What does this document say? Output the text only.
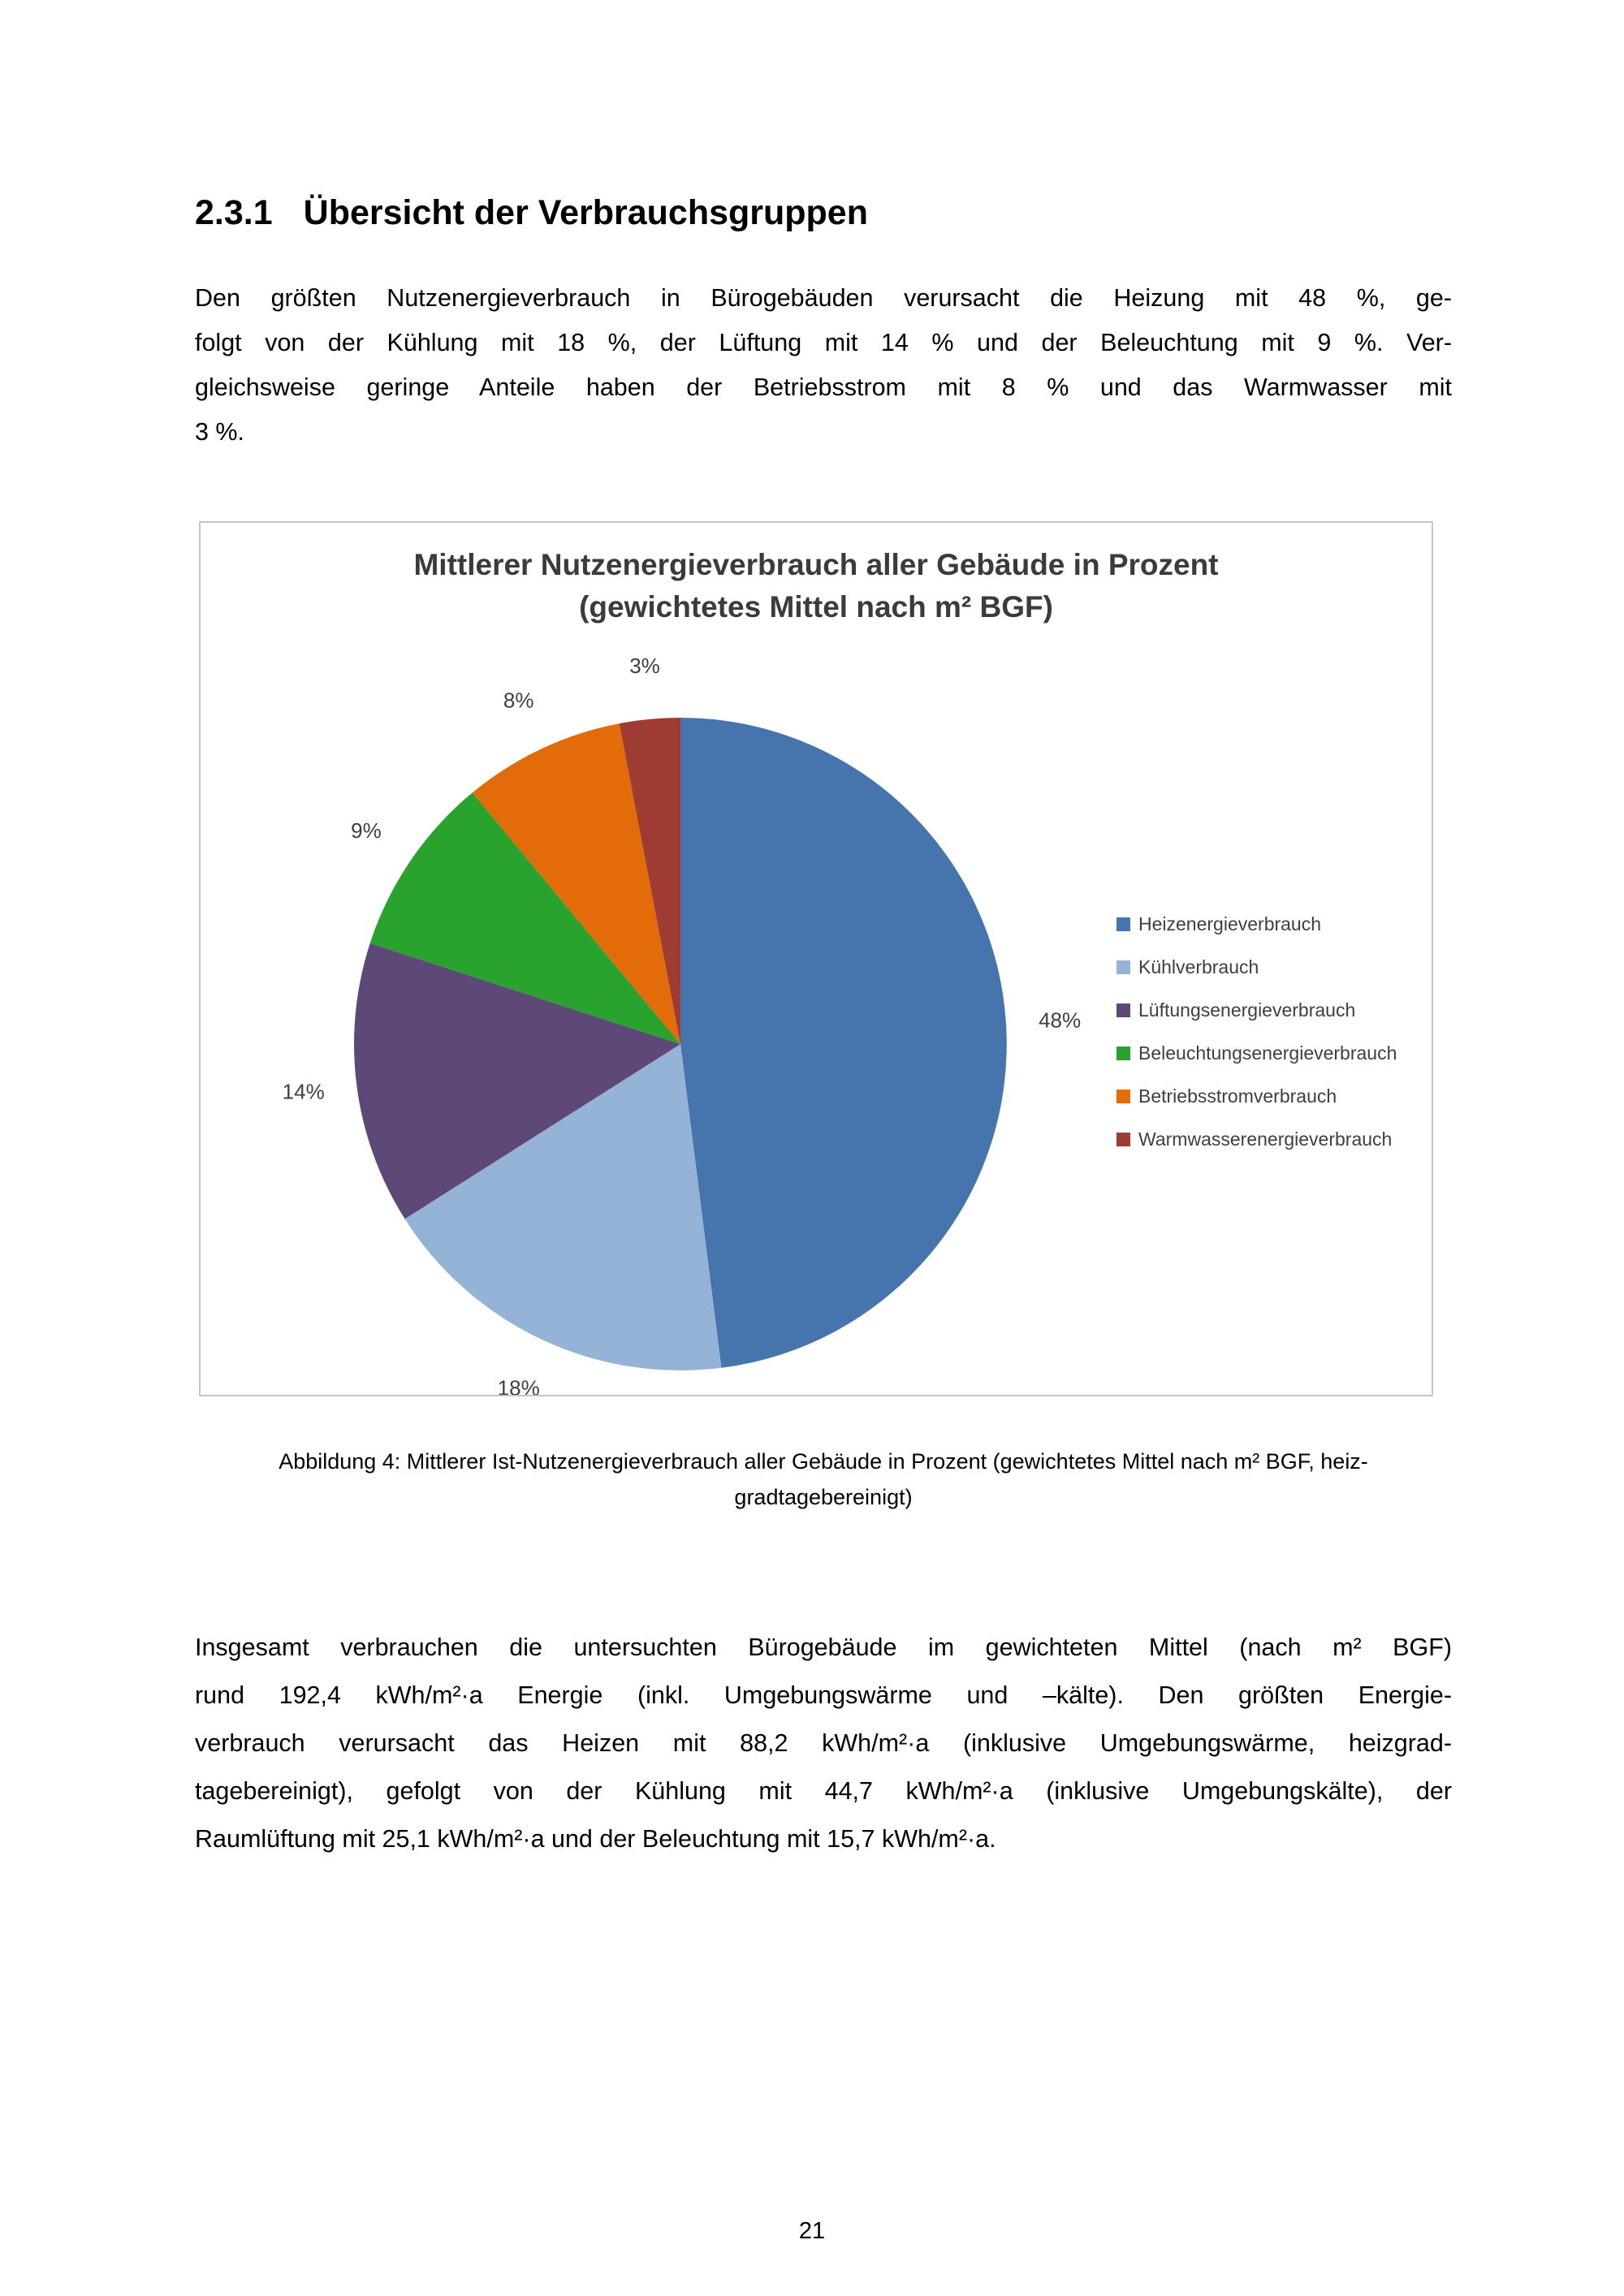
2.3.1 Übersicht der Verbrauchsgruppen
Den größten Nutzenergieverbrauch in Bürogebäuden verursacht die Heizung mit 48 %, ge-
folgt von der Kühlung mit 18 %, der Lüftung mit 14 % und der Beleuchtung mit 9 %. Ver-
gleichsweise geringe Anteile haben der Betriebsstrom mit 8 % und das Warmwasser mit
3 %.
Mittlerer Nutzenergieverbrauch aller Gebäude in Prozent
(gewichtetes Mittel nach m² BGF)
48%
18%
14%
9%
8%
3%
Heizenergieverbrauch
Kühlverbrauch
Lüftungsenergieverbrauch
Beleuchtungsenergieverbrauch
Betriebsstromverbrauch
Warmwasserenergieverbrauch
Abbildung 4: Mittlerer Ist-Nutzenergieverbrauch aller Gebäude in Prozent (gewichtetes Mittel nach m² BGF, heiz-
gradtagebereinigt)
Insgesamt verbrauchen die untersuchten Bürogebäude im gewichteten Mittel (nach m² BGF)
rund 192,4 kWh/m²·a Energie (inkl. Umgebungswärme und –kälte). Den größten Energie-
verbrauch verursacht das Heizen mit 88,2 kWh/m²·a (inklusive Umgebungswärme, heizgrad-
tagebereinigt), gefolgt von der Kühlung mit 44,7 kWh/m²·a (inklusive Umgebungskälte), der
Raumlüftung mit 25,1 kWh/m²·a und der Beleuchtung mit 15,7 kWh/m²·a.
21
